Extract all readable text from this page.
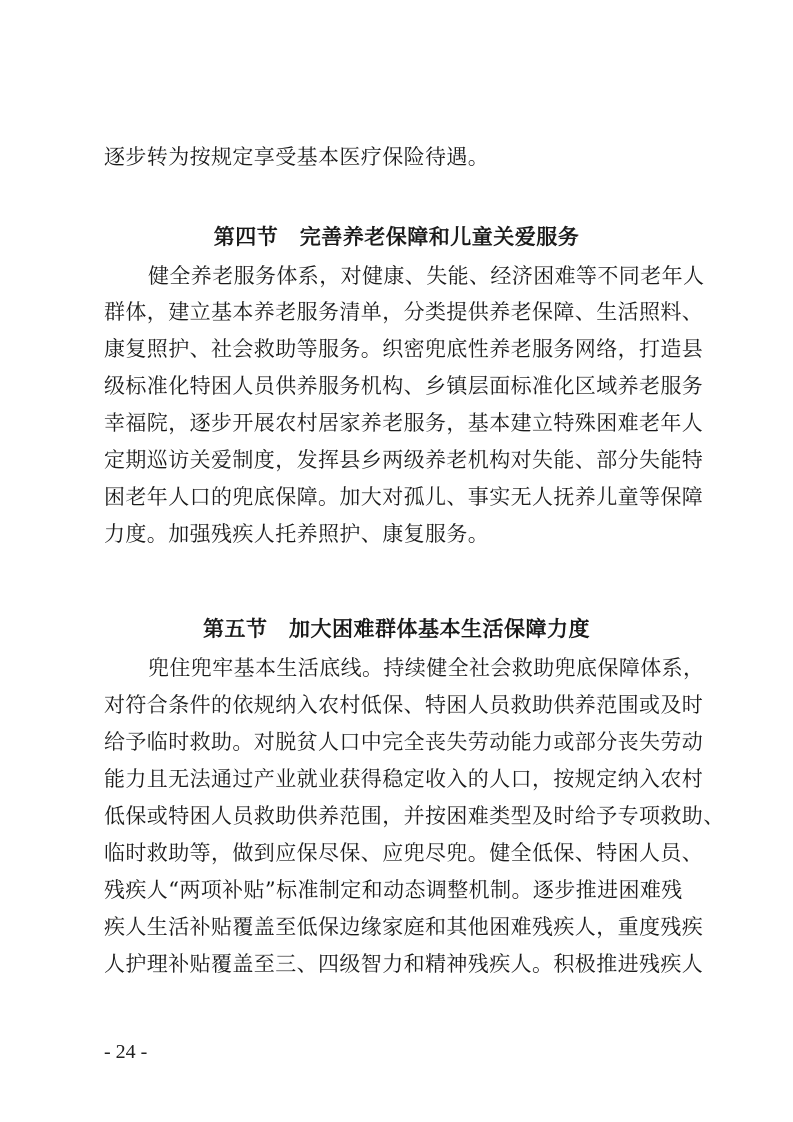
逐步转为按规定享受基本医疗保险待遇。
第四节　完善养老保障和儿童关爱服务
健全养老服务体系，对健康、失能、经济困难等不同老年人
群体，建立基本养老服务清单，分类提供养老保障、生活照料、
康复照护、社会救助等服务。织密兜底性养老服务网络，打造县
级标准化特困人员供养服务机构、乡镇层面标准化区域养老服务
幸福院，逐步开展农村居家养老服务，基本建立特殊困难老年人
定期巡访关爱制度，发挥县乡两级养老机构对失能、部分失能特
困老年人口的兜底保障。加大对孤儿、事实无人抚养儿童等保障
力度。加强残疾人托养照护、康复服务。
第五节　加大困难群体基本生活保障力度
兜住兜牢基本生活底线。持续健全社会救助兜底保障体系，
对符合条件的依规纳入农村低保、特困人员救助供养范围或及时
给予临时救助。对脱贫人口中完全丧失劳动能力或部分丧失劳动
能力且无法通过产业就业获得稳定收入的人口，按规定纳入农村
低保或特困人员救助供养范围，并按困难类型及时给予专项救助、
临时救助等，做到应保尽保、应兜尽兜。健全低保、特困人员、
残疾人“两项补贴”标准制定和动态调整机制。逐步推进困难残
疾人生活补贴覆盖至低保边缘家庭和其他困难残疾人，重度残疾
人护理补贴覆盖至三、四级智力和精神残疾人。积极推进残疾人
- 24 -
